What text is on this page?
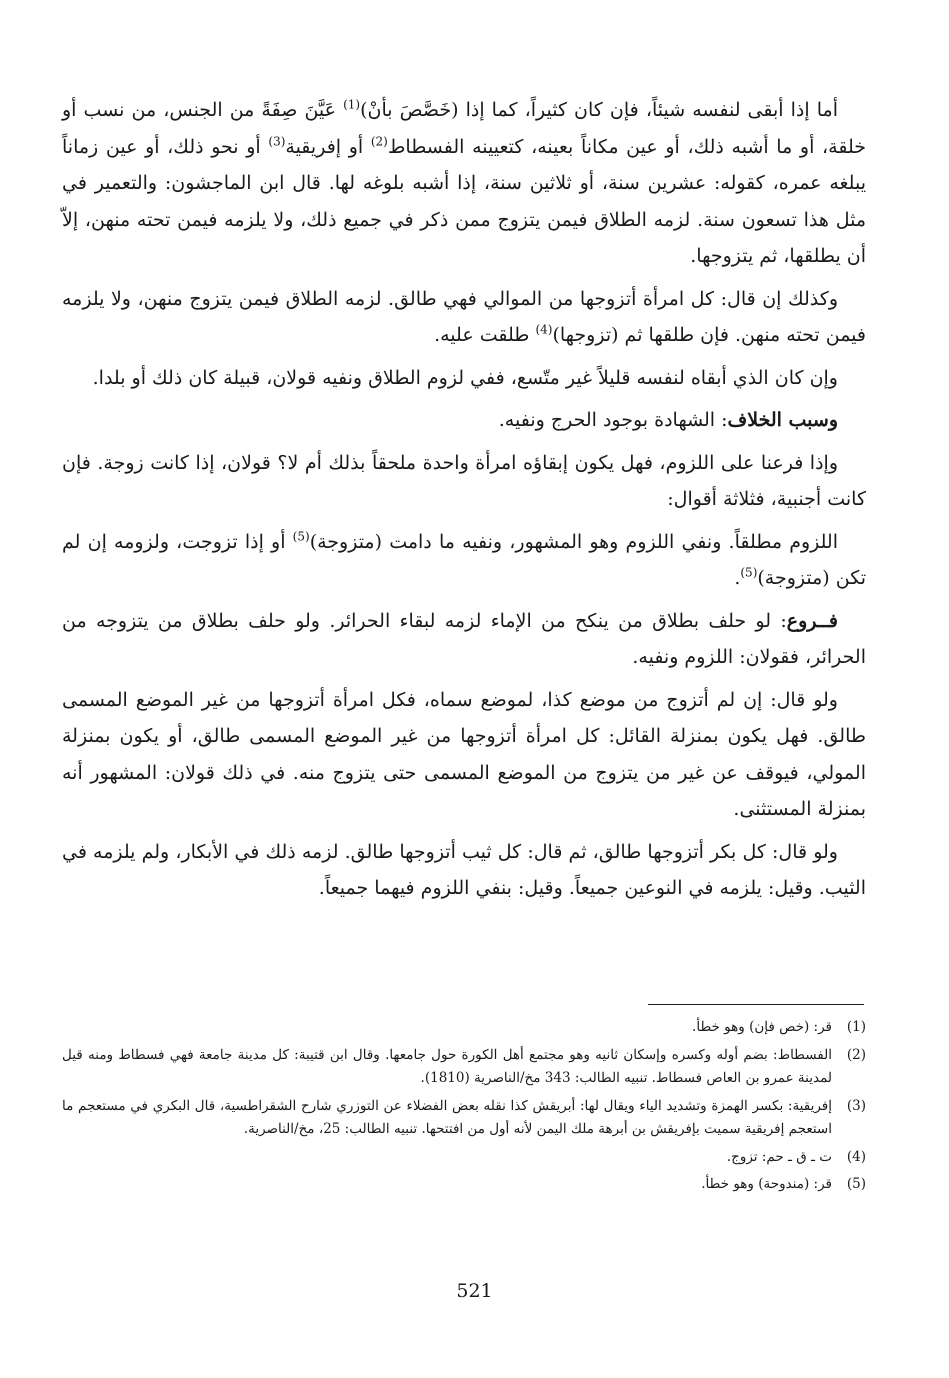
أما إذا أبقى لنفسه شيئاً، فإن كان كثيراً، كما إذا (خَصَّصَ بأنْ)$^{(1)}$ عَيَّنَ صِفَةً من الجنس، من نسب أو خلقة، أو ما أشبه ذلك، أو عين مكاناً بعينه، كتعيينه الفسطاط$^{(2)}$ أو إفريقية$^{(3)}$ أو نحو ذلك، أو عين زماناً يبلغه عمره، كقوله: عشرين سنة، أو ثلاثين سنة، إذا أشبه بلوغه لها. قال ابن الماجشون: والتعمير في مثل هذا تسعون سنة. لزمه الطلاق فيمن يتزوج ممن ذكر في جميع ذلك، ولا يلزمه فيمن تحته منهن، إلاّ أن يطلقها، ثم يتزوجها.

وكذلك إن قال: كل امرأة أتزوجها من الموالي فهي طالق. لزمه الطلاق فيمن يتزوج منهن، ولا يلزمه فيمن تحته منهن. فإن طلقها ثم (تزوجها)$^{(4)}$ طلقت عليه.

وإن كان الذي أبقاه لنفسه قليلاً غير متّسع، ففي لزوم الطلاق ونفيه قولان، قبيلة كان ذلك أو بلدا.

وسبب الخلاف: الشهادة بوجود الحرج ونفيه.

وإذا فرعنا على اللزوم، فهل يكون إبقاؤه امرأة واحدة ملحقاً بذلك أم لا؟ قولان، إذا كانت زوجة. فإن كانت أجنبية، فثلاثة أقوال:

اللزوم مطلقاً. ونفي اللزوم وهو المشهور، ونفيه ما دامت (متزوجة)$^{(5)}$ أو إذا تزوجت، ولزومه إن لم تكن (متزوجة)$^{(5)}$.

فــروع: لو حلف بطلاق من ينكح من الإماء لزمه لبقاء الحرائر. ولو حلف بطلاق من يتزوجه من الحرائر، فقولان: اللزوم ونفيه.

ولو قال: إن لم أتزوج من موضع كذا، لموضع سماه، فكل امرأة أتزوجها من غير الموضع المسمى طالق. فهل يكون بمنزلة القائل: كل امرأة أتزوجها من غير الموضع المسمى طالق، أو يكون بمنزلة المولي، فيوقف عن غير من يتزوج من الموضع المسمى حتى يتزوج منه. في ذلك قولان: المشهور أنه بمنزلة المستثنى.

ولو قال: كل بكر أتزوجها طالق، ثم قال: كل ثيب أتزوجها طالق. لزمه ذلك في الأبكار، ولم يلزمه في الثيب. وقيل: يلزمه في النوعين جميعاً. وقيل: بنفي اللزوم فيهما جميعاً.

(1)
قر: (خص فإن) وهو خطأ.
(2)
الفسطاط: بضم أوله وكسره وإسكان ثانيه وهو مجتمع أهل الكورة حول جامعها. وقال ابن قتيبة: كل مدينة جامعة فهي فسطاط ومنه قيل لمدينة عمرو بن العاص فسطاط. تنبيه الطالب: 343 مخ/الناصرية (1810).
(3)
إفريقية: بكسر الهمزة وتشديد الياء ويقال لها: أبريقش كذا نقله بعض الفضلاء عن التوزري شارح الشقراطسية، قال البكري في مستعجم ما استعجم إفريقية سميت بإفريقش بن أبرهة ملك اليمن لأنه أول من افتتحها. تنبيه الطالب: 25، مخ/الناصرية.
(4)
ت ـ ق ـ حم: تزوج.
(5)
قر: (مندوحة) وهو خطأ.
521
